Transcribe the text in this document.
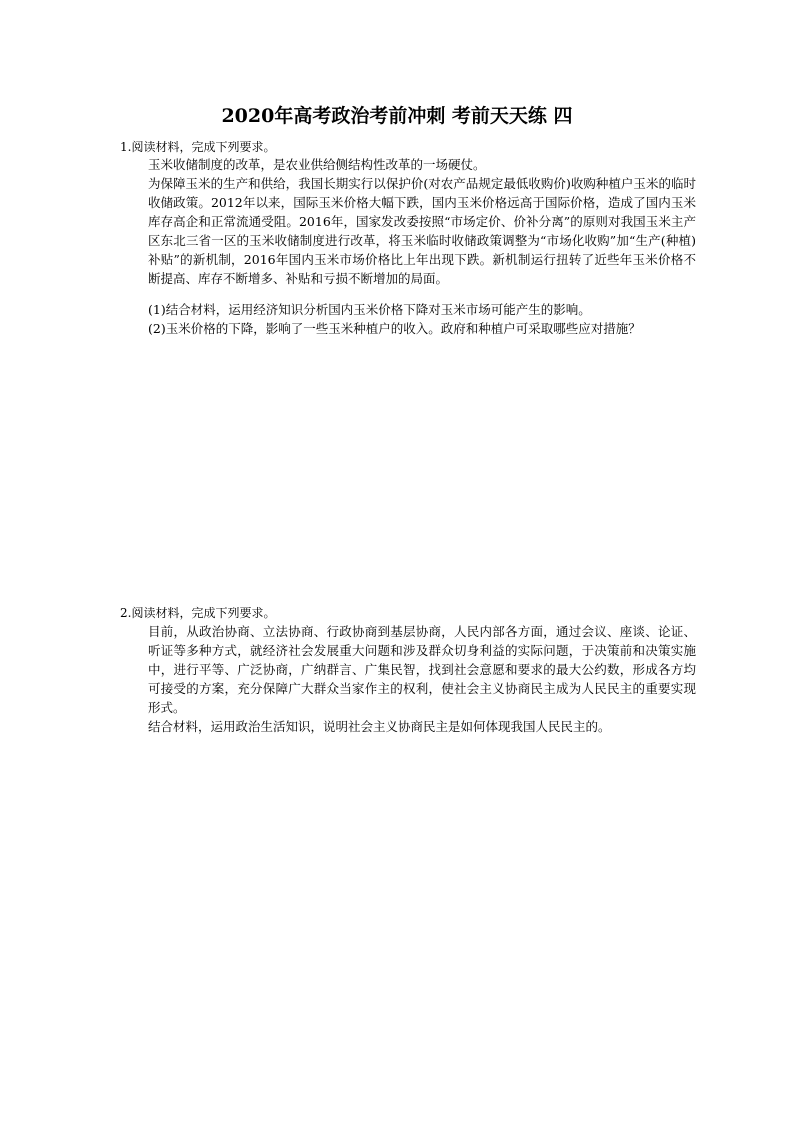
2020年高考政治考前冲刺 考前天天练 四
1.阅读材料，完成下列要求。
玉米收储制度的改革，是农业供给侧结构性改革的一场硬仗。

为保障玉米的生产和供给，我国长期实行以保护价(对农产品规定最低收购价)收购种植户玉米的临时收储政策。2012年以来，国际玉米价格大幅下跌，国内玉米价格远高于国际价格，造成了国内玉米库存高企和正常流通受阻。2016年，国家发改委按照“市场定价、价补分离”的原则对我国玉米主产区东北三省一区的玉米收储制度进行改革，将玉米临时收储政策调整为“市场化收购”加“生产(种植)补贴”的新机制，2016年国内玉米市场价格比上年出现下跌。新机制运行扭转了近些年玉米价格不断提高、库存不断增多、补贴和亏损不断增加的局面。

(1)结合材料，运用经济知识分析国内玉米价格下降对玉米市场可能产生的影响。
(2)玉米价格的下降，影响了一些玉米种植户的收入。政府和种植户可采取哪些应对措施？
2.阅读材料，完成下列要求。

目前，从政治协商、立法协商、行政协商到基层协商，人民内部各方面，通过会议、座谈、论证、听证等多种方式，就经济社会发展重大问题和涉及群众切身利益的实际问题，于决策前和决策实施中，进行平等、广泛协商，广纳群言、广集民智，找到社会意愿和要求的最大公约数，形成各方均可接受的方案，充分保障广大群众当家作主的权利，使社会主义协商民主成为人民民主的重要实现形式。

结合材料，运用政治生活知识，说明社会主义协商民主是如何体现我国人民民主的。
